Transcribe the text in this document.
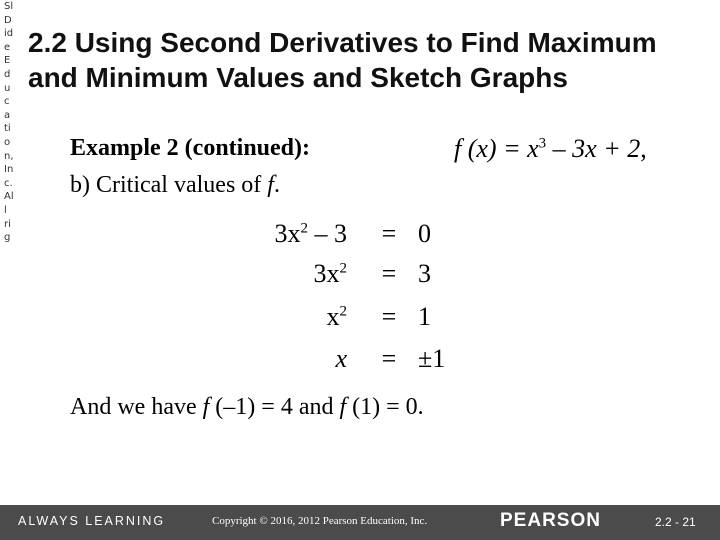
SlDide Education, Inc. All rig
2.2 Using Second Derivatives to Find Maximum and Minimum Values and Sketch Graphs
Example 2 (continued):	f $(x) = x^3 - 3x + 2$,
b) Critical values of f.
$3x^2 - 3 = 0$
$3x^2 = 3$
$x^2 = 1$
x = ±1
And we have f (–1) = 4 and f (1) = 0.
ALWAYS LEARNING	Copyright © 2016, 2012 Pearson Education, Inc.	PEARSON	2.2 - 21
